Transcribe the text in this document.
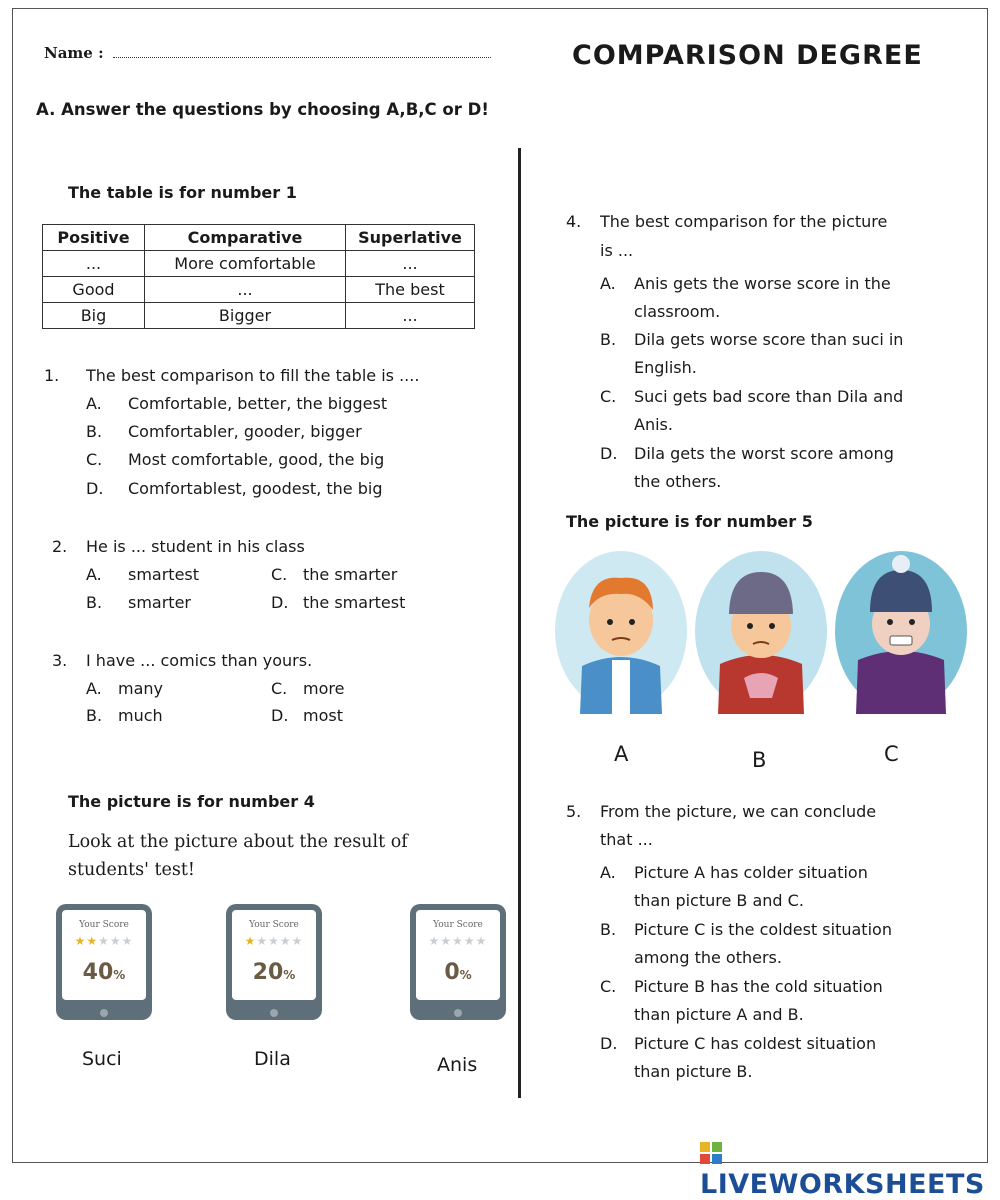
Name :	COMPARISON DEGREE
A. Answer the questions by choosing A,B,C or D!
The table is for number 1
Positive	Comparative	Superlative
...	More comfortable	...
Good	...	The best
Big	Bigger	...
1. The best comparison to fill the table is ....
A. Comfortable, better, the biggest
B. Comfortabler, gooder, bigger
C. Most comfortable, good, the big
D. Comfortablest, goodest, the big
2. He is ... student in his class
A. smartest	C. the smarter
B. smarter	D. the smartest
3. I have ... comics than yours.
A. many	C. more
B. much	D. most
The picture is for number 4
Look at the picture about the result of
students' test!
Your Score
★★★★★
40%
Your Score
★★★★★
20%
Your Score
★★★★★
0%
Suci	Dila	Anis
4. The best comparison for the picture
is ...
A. Anis gets the worse score in the
classroom.
B. Dila gets worse score than suci in
English.
C. Suci gets bad score than Dila and
Anis.
D. Dila gets the worst score among
the others.
The picture is for number 5
A	B	C
5. From the picture, we can conclude
that ...
A. Picture A has colder situation
than picture B and C.
B. Picture C is the coldest situation
among the others.
C. Picture B has the cold situation
than picture A and B.
D. Picture C has coldest situation
than picture B.
LIVEWORKSHEETS
